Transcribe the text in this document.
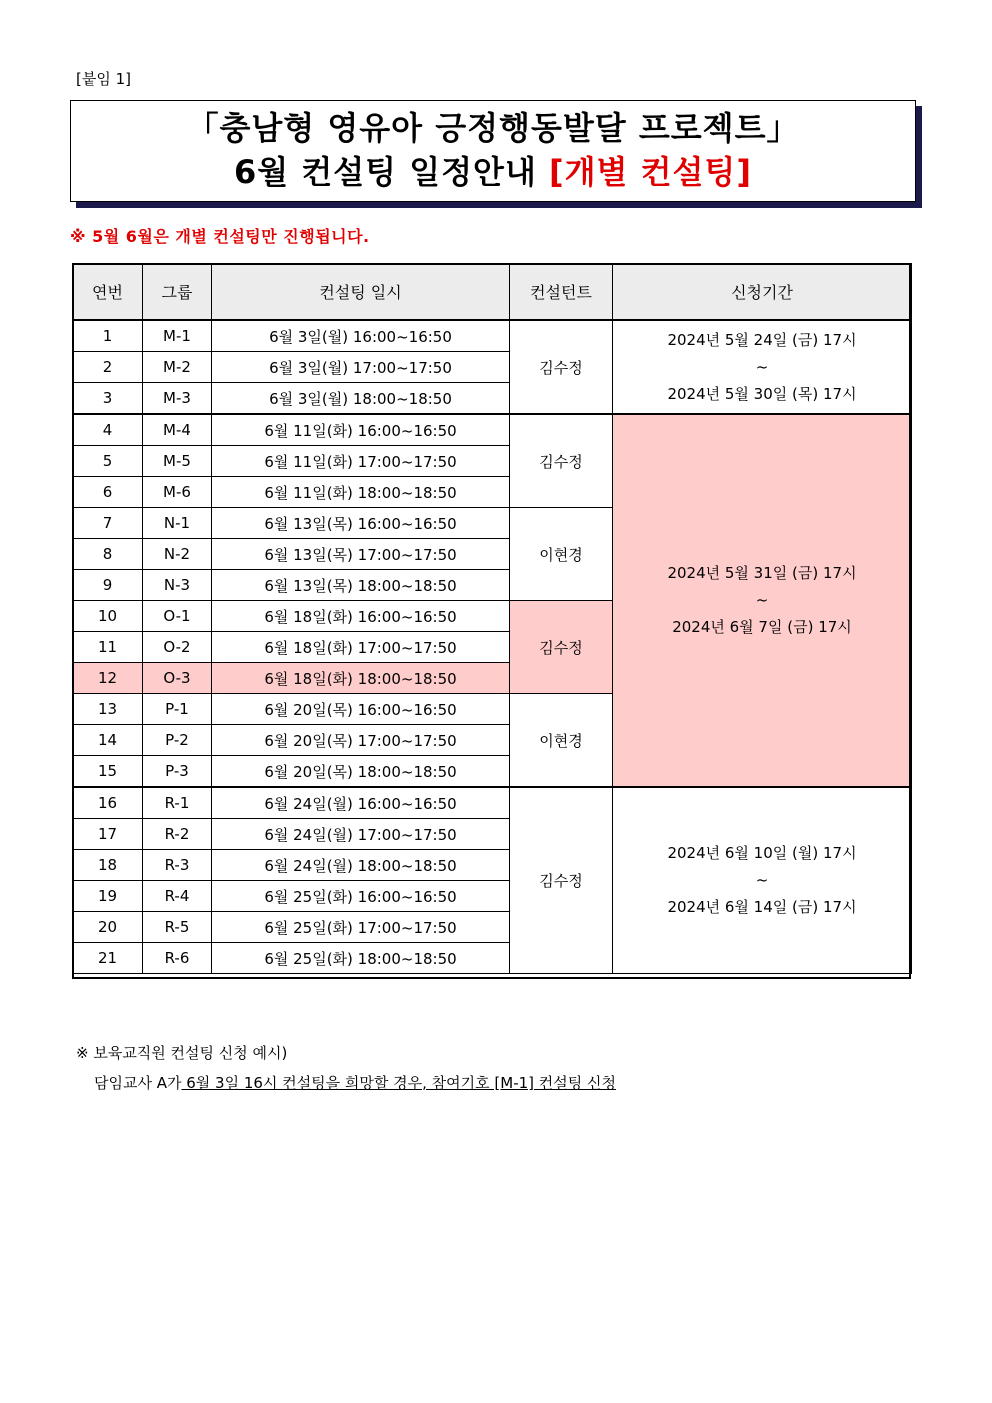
[붙임 1]
「충남형 영유아 긍정행동발달 프로젝트」
6월 컨설팅 일정안내 [개별 컨설팅]
※ 5월 6월은 개별 컨설팅만 진행됩니다.
연번	그룹	컨설팅 일시	컨설턴트	신청기간
1	M-1	6월 3일(월) 16:00~16:50	김수정	2024년 5월 24일 (금) 17시
~
2024년 5월 30일 (목) 17시

2	M-2	6월 3일(월) 17:00~17:50		
3	M-3	6월 3일(월) 18:00~18:50		
4	M-4	6월 11일(화) 16:00~16:50	김수정	2024년 5월 31일 (금) 17시
~
2024년 6월 7일 (금) 17시

5	M-5	6월 11일(화) 17:00~17:50		
6	M-6	6월 11일(화) 18:00~18:50		
7	N-1	6월 13일(목) 16:00~16:50	이현경	
8	N-2	6월 13일(목) 17:00~17:50		
9	N-3	6월 13일(목) 18:00~18:50		
10	O-1	6월 18일(화) 16:00~16:50	김수정	
11	O-2	6월 18일(화) 17:00~17:50		
12	O-3	6월 18일(화) 18:00~18:50		
13	P-1	6월 20일(목) 16:00~16:50	이현경	
14	P-2	6월 20일(목) 17:00~17:50		
15	P-3	6월 20일(목) 18:00~18:50		
16	R-1	6월 24일(월) 16:00~16:50	김수정	2024년 6월 10일 (월) 17시
~
2024년 6월 14일 (금) 17시

17	R-2	6월 24일(월) 17:00~17:50		
18	R-3	6월 24일(월) 18:00~18:50		
19	R-4	6월 25일(화) 16:00~16:50		
20	R-5	6월 25일(화) 17:00~17:50		
21	R-6	6월 25일(화) 18:00~18:50		
※ 보육교직원 컨설팅 신청 예시)
담임교사 A가 6월 3일 16시 컨설팅을 희망할 경우, 참여기호 [M-1] 컨설팅 신청
